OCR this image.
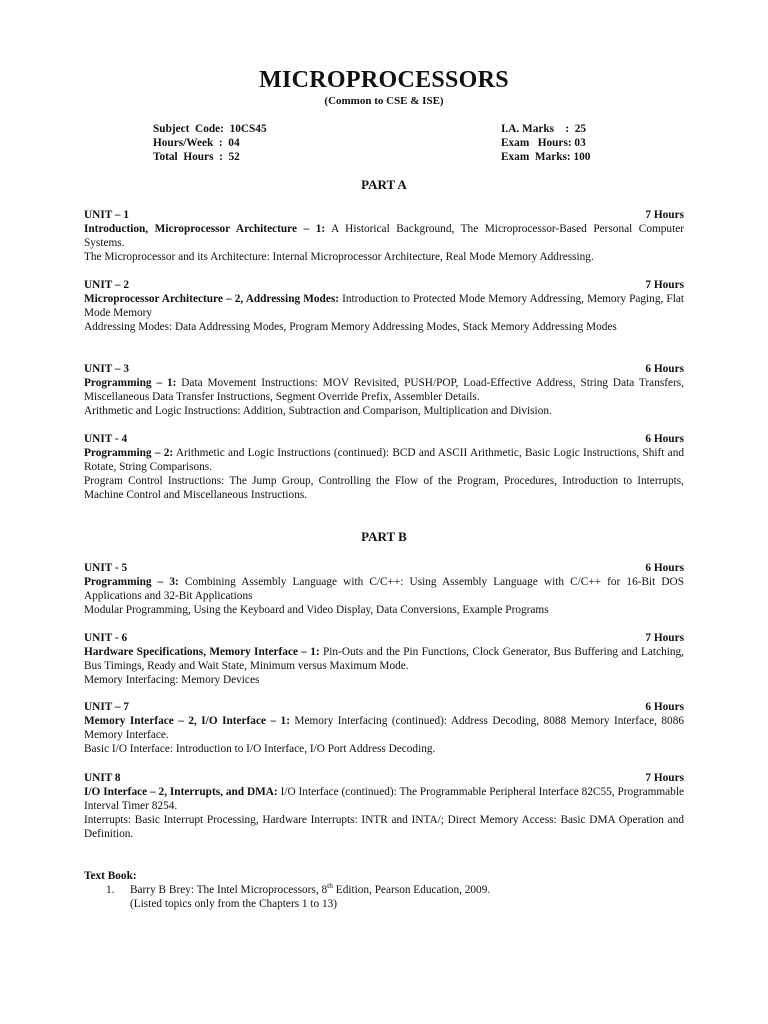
MICROPROCESSORS
(Common to CSE & ISE)
Subject  Code:  10CS45
Hours/Week  :  04
Total  Hours  :  52
I.A. Marks    :  25
Exam   Hours: 03
Exam  Marks: 100
PART A
UNIT – 1	7 Hours

Introduction, Microprocessor Architecture – 1: A Historical Background, The Microprocessor-Based Personal Computer Systems.

The Microprocessor and its Architecture: Internal Microprocessor Architecture, Real Mode Memory Addressing.

UNIT – 2	7 Hours

Microprocessor Architecture – 2, Addressing Modes: Introduction to Protected Mode Memory Addressing, Memory Paging, Flat Mode Memory

Addressing Modes: Data Addressing Modes, Program Memory Addressing Modes, Stack Memory Addressing Modes

UNIT – 3	6 Hours

Programming – 1: Data Movement Instructions: MOV Revisited, PUSH/POP, Load-Effective Address, String Data Transfers, Miscellaneous Data Transfer Instructions, Segment Override Prefix, Assembler Details.

Arithmetic and Logic Instructions: Addition, Subtraction and Comparison, Multiplication and Division.

UNIT - 4	6 Hours

Programming – 2: Arithmetic and Logic Instructions (continued): BCD and ASCII Arithmetic, Basic Logic Instructions, Shift and Rotate, String Comparisons.

Program Control Instructions: The Jump Group, Controlling the Flow of the Program, Procedures, Introduction to Interrupts, Machine Control and Miscellaneous Instructions.

PART B
UNIT - 5	6 Hours

Programming – 3: Combining Assembly Language with C/C++: Using Assembly Language with C/C++ for 16-Bit DOS Applications and 32-Bit Applications

Modular Programming, Using the Keyboard and Video Display, Data Conversions, Example Programs

UNIT - 6	7 Hours

Hardware Specifications, Memory Interface – 1: Pin-Outs and the Pin Functions, Clock Generator, Bus Buffering and Latching, Bus Timings, Ready and Wait State, Minimum versus Maximum Mode.

Memory Interfacing: Memory Devices

UNIT – 7	6 Hours

Memory Interface – 2, I/O Interface – 1: Memory Interfacing (continued): Address Decoding, 8088 Memory Interface, 8086 Memory Interface.

Basic I/O Interface: Introduction to I/O Interface, I/O Port Address Decoding.

UNIT 8	7 Hours

I/O Interface – 2, Interrupts, and DMA: I/O Interface (continued): The Programmable Peripheral Interface 82C55, Programmable Interval Timer 8254.

Interrupts: Basic Interrupt Processing, Hardware Interrupts: INTR and INTA/; Direct Memory Access: Basic DMA Operation and Definition.

Text Book:
1. Barry B Brey: The Intel Microprocessors, 8th Edition, Pearson Education, 2009.
(Listed topics only from the Chapters 1 to 13)
